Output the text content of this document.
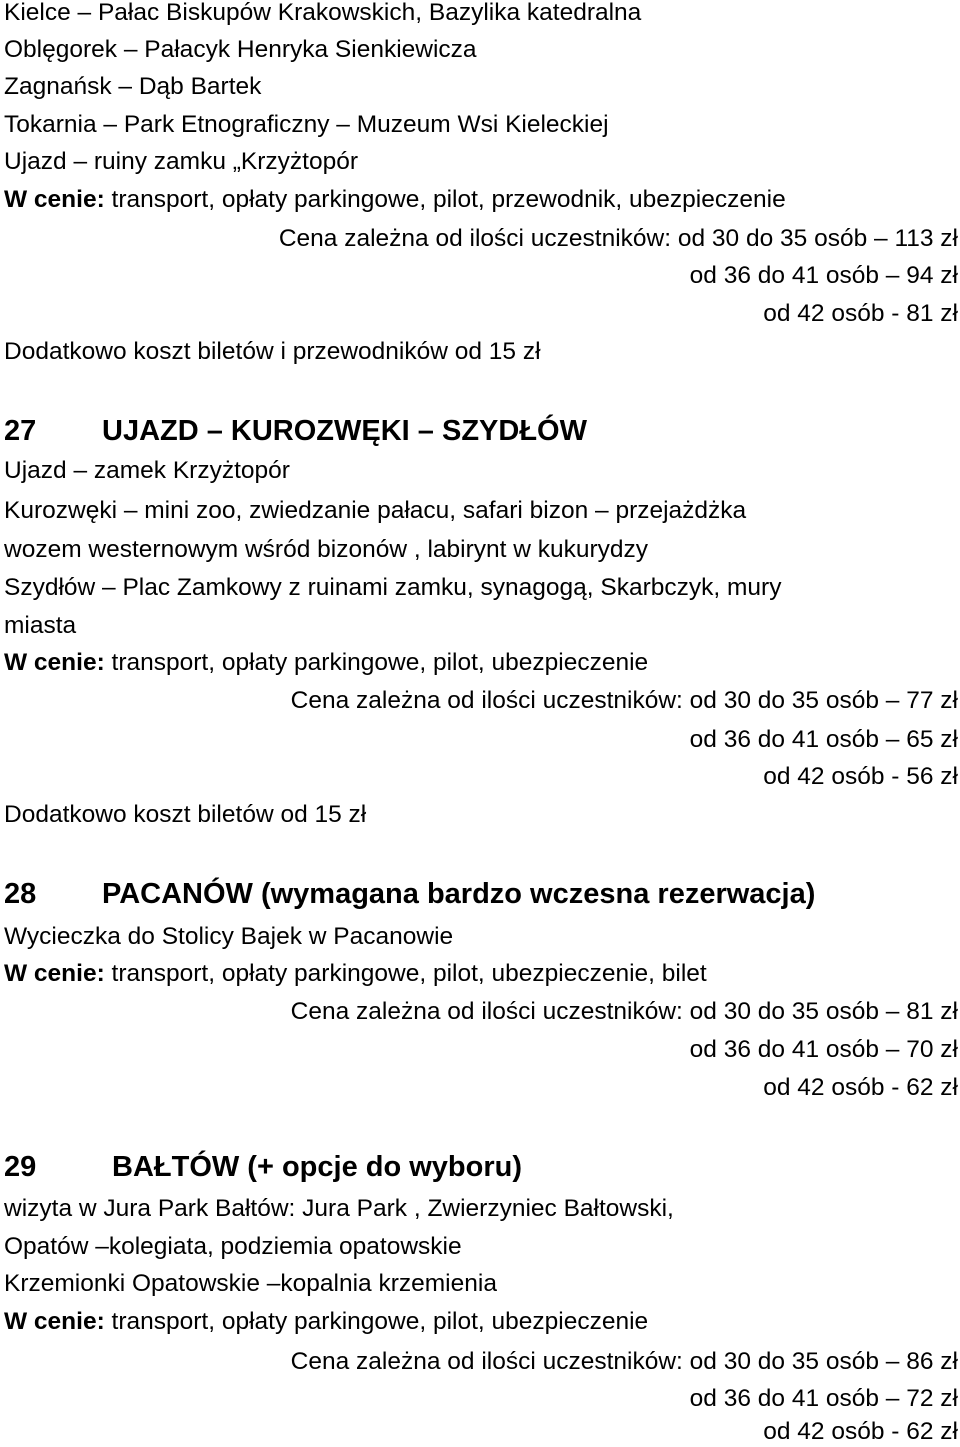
Kielce – Pałac Biskupów Krakowskich, Bazylika katedralna
Oblęgorek – Pałacyk Henryka Sienkiewicza
Zagnańsk – Dąb Bartek
Tokarnia – Park Etnograficzny – Muzeum Wsi Kieleckiej
Ujazd – ruiny zamku „Krzyżtopór
W cenie: transport, opłaty parkingowe, pilot, przewodnik, ubezpieczenie
Cena zależna od ilości uczestników: od 30 do 35 osób – 113 zł
od 36 do 41 osób – 94 zł
od 42 osób - 81 zł
Dodatkowo koszt biletów i przewodników od 15 zł
27 UJAZD – KUROZWĘKI – SZYDŁÓW
Ujazd – zamek Krzyżtopór
Kurozwęki – mini zoo, zwiedzanie pałacu, safari bizon – przejażdżka
wozem westernowym wśród bizonów , labirynt w kukurydzy
Szydłów – Plac Zamkowy z ruinami zamku, synagogą, Skarbczyk, mury
miasta
W cenie: transport, opłaty parkingowe, pilot, ubezpieczenie
Cena zależna od ilości uczestników: od 30 do 35 osób – 77 zł
od 36 do 41 osób – 65 zł
od 42 osób - 56 zł
Dodatkowo koszt biletów od 15 zł
28 PACANÓW (wymagana bardzo wczesna rezerwacja)
Wycieczka do Stolicy Bajek w Pacanowie
W cenie: transport, opłaty parkingowe, pilot, ubezpieczenie, bilet
Cena zależna od ilości uczestników: od 30 do 35 osób – 81 zł
od 36 do 41 osób – 70 zł
od 42 osób - 62 zł
29	BAŁTÓW (+ opcje do wyboru)
wizyta w Jura Park Bałtów: Jura Park , Zwierzyniec Bałtowski,
Opatów –kolegiata, podziemia opatowskie
Krzemionki Opatowskie –kopalnia krzemienia
W cenie: transport, opłaty parkingowe, pilot, ubezpieczenie
Cena zależna od ilości uczestników: od 30 do 35 osób – 86 zł
od 36 do 41 osób – 72 zł
od 42 osób - 62 zł
